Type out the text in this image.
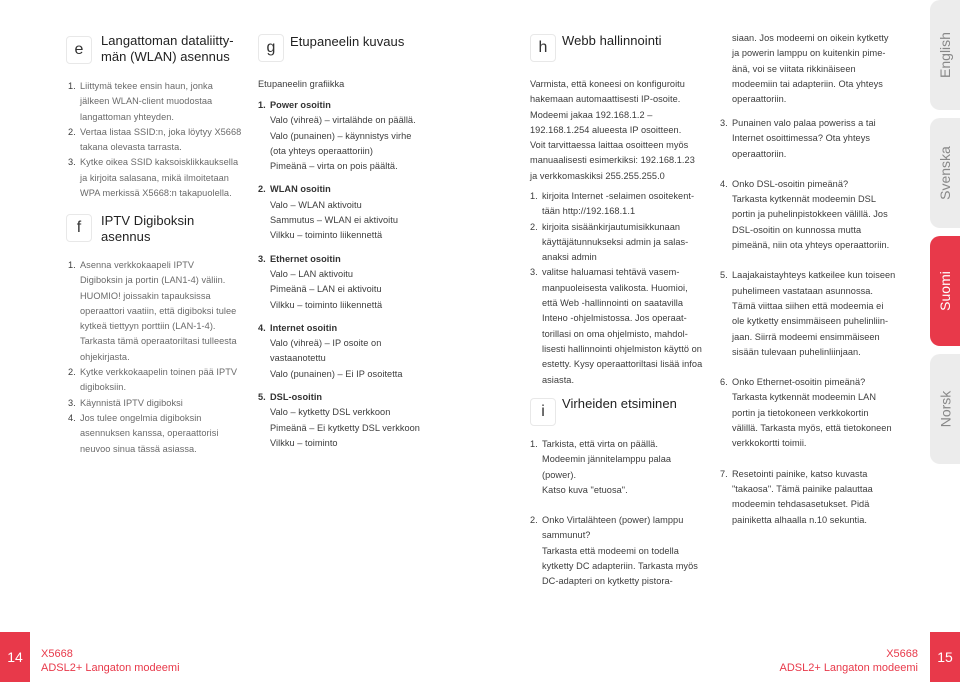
e
Langattoman dataliitty-
män (WLAN) asennus
1. Liittymä tekee ensin haun, jonka
jälkeen WLAN-client muodostaa
langattoman yhteyden.
2. Vertaa listaa SSID:n, joka löytyy X5668
takana olevasta tarrasta.
3. Kytke oikea SSID kaksoisklikkauksella
ja kirjoita salasana, mikä ilmoitetaan
WPA merkissä X5668:n takapuolella.
f IPTV Digiboksin
asennus
1. Asenna verkkokaapeli IPTV
Digiboksin ja portin (LAN1-4) väliin.
HUOMIO! joissakin tapauksissa
operaattori vaatiin, että digiboksi tulee
kytkeä tiettyyn porttiin (LAN-1-4).
Tarkasta tämä operaatoriltasi tulleesta
ohjekirjasta.
2. Kytke verkkokaapelin toinen pää IPTV
digiboksiin.
3. Käynnistä IPTV digiboksi
4. Jos tulee ongelmia digiboksin
asennuksen kanssa, operaattorisi
neuvoo sinua tässä asiassa.
g Etupaneelin kuvaus
Etupaneelin grafiikka
1. Power osoitin
Valo (vihreä) – virtalähde on päällä.
Valo (punainen) – käynnistys virhe
(ota yhteys operaattoriin)
Pimeänä – virta on pois päältä.
2. WLAN osoitin
Valo – WLAN aktivoitu
Sammutus – WLAN ei aktivoitu
Vilkku – toiminto liikennettä
3. Ethernet osoitin
Valo – LAN aktivoitu
Pimeänä – LAN ei aktivoitu
Vilkku – toiminto liikennettä
4. Internet osoitin
Valo (vihreä) – IP osoite on
vastaanotettu
Valo (punainen) – Ei IP osoitetta
5. DSL-osoitin
Valo – kytketty DSL verkkoon
Pimeänä – Ei kytketty DSL verkkoon
Vilkku – toiminto
h Webb hallinnointi
Varmista, että koneesi on konfiguroitu
hakemaan automaattisesti IP-osoite.
Modeemi jakaa 192.168.1.2 –
192.168.1.254 alueesta IP osoitteen.
Voit tarvittaessa laittaa osoitteen myös
manuaalisesti esimerkiksi: 192.168.1.23
ja verkkomaskiksi 255.255.255.0
1. kirjoita Internet -selaimen osoitekent-
tään http://192.168.1.1
2. kirjoita sisäänkirjautumisikkunaan
käyttäjätunnukseksi admin ja salas-
anaksi admin
3. valitse haluamasi tehtävä vasem-
manpuoleisesta valikosta. Huomioi,
että Web -hallinnointi on saatavilla
Intено -ohjelmistossa. Jos operaat-
torillasi on oma ohjelmisto, mahdol-
lisesti hallinnointi ohjelmiston käyttö on
estetty. Kysy operaattoriltasi lisää infoa
asiasta.
i Virheiden etsiminen
1. Tarkista, että virta on päällä.
Modeemin jännitelamppu palaa
(power).
Katso kuva "etuosa".
2. Onko Virtalähteen (power) lamppu
sammunut?
Tarkasta että modeemi on todella
kytketty DC adapteriin. Tarkasta myös
DC-adapteri on kytketty pistora-
siaan. Jos modeemi on oikein kytketty
ja powerin lamppu on kuitenkin pime-
änä, voi se viitata rikkinäiseen
modeemiin tai adapteriin. Ota yhteys
operaattoriin.
3. Punainen valo palaa poweriss a tai
Internet osoittimessa? Ota yhteys
operaattoriin.
4. Onko DSL-osoitin pimeänä?
Tarkasta kytkennät modeemin DSL
portin ja puhelinpistokkeen välillä. Jos
DSL-osoitin on kunnossa mutta
pimeänä, niin ota yhteys operaattoriin.
5. Laajakaistayhteys katkeilee kun toiseen
puhelimeen vastataan asunnossa.
Tämä viittaa siihen että modeemia ei
ole kytketty ensimmäiseen puhelinliin-
jaan. Siirrä modeemi ensimmäiseen
sisään tulevaan puhelinliinjaan.
6. Onko Ethernet-osoitin pimeänä?
Tarkasta kytkennät modeemin LAN
portin ja tietokoneen verkkokortin
välillä. Tarkasta myös, että tietokoneen
verkkokortti toimii.
7. Resetointi painike, katso kuvasta
"takaosa". Tämä painike palauttaa
modeemin tehdasasetukset. Pidä
painiketta alhaalla n.10 sekuntia.
English
Svenska
Suomi
Norsk
14 X5668
ADSL2+ Langaton modeemi
X5668
ADSL2+ Langaton modeemi
15
